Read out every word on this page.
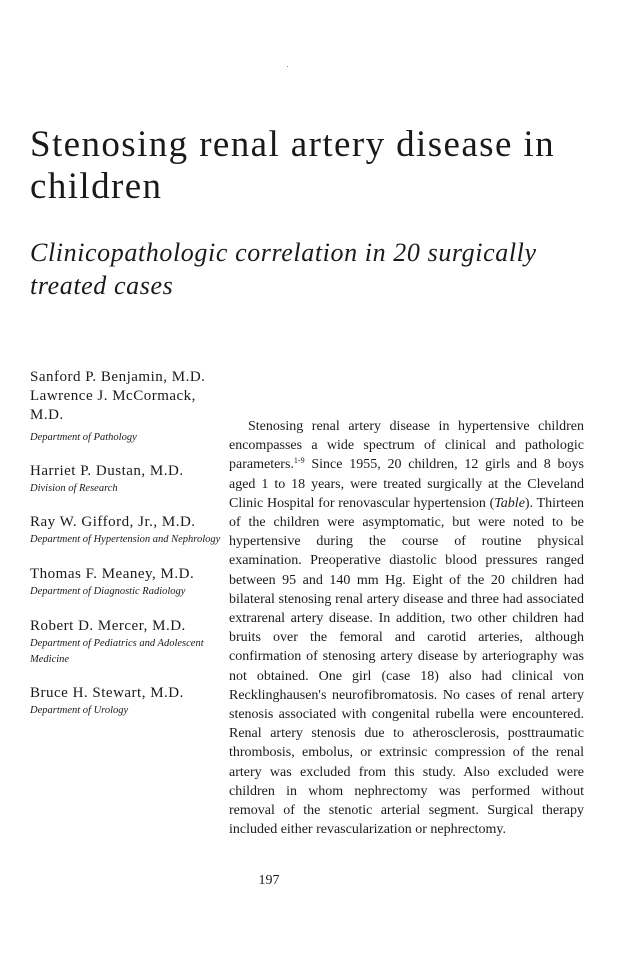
Stenosing renal artery disease in children
Clinicopathologic correlation in 20 surgically treated cases
Sanford P. Benjamin, M.D.
Lawrence J. McCormack, M.D.
Department of Pathology
Harriet P. Dustan, M.D.
Division of Research
Ray W. Gifford, Jr., M.D.
Department of Hypertension and Nephrology
Thomas F. Meaney, M.D.
Department of Diagnostic Radiology
Robert D. Mercer, M.D.
Department of Pediatrics and Adolescent Medicine
Bruce H. Stewart, M.D.
Department of Urology

Stenosing renal artery disease in hypertensive children encompasses a wide spectrum of clinical and pathologic parameters.$^{1-9}$ Since 1955, 20 children, 12 girls and 8 boys aged 1 to 18 years, were treated surgically at the Cleveland Clinic Hospital for renovascular hypertension (Table). Thirteen of the children were asymptomatic, but were noted to be hypertensive during the course of routine physical examination. Preoperative diastolic blood pressures ranged between 95 and 140 mm Hg. Eight of the 20 children had bilateral stenosing renal artery disease and three had associated extrarenal artery disease. In addition, two other children had bruits over the femoral and carotid arteries, although confirmation of stenosing artery disease by arteriography was not obtained. One girl (case 18) also had clinical von Recklinghausen's neurofibromatosis. No cases of renal artery stenosis associated with congenital rubella were encountered. Renal artery stenosis due to atherosclerosis, posttraumatic thrombosis, embolus, or extrinsic compression of the renal artery was excluded from this study. Also excluded were children in whom nephrectomy was performed without removal of the stenotic arterial segment. Surgical therapy included either revascularization or nephrectomy.

197
